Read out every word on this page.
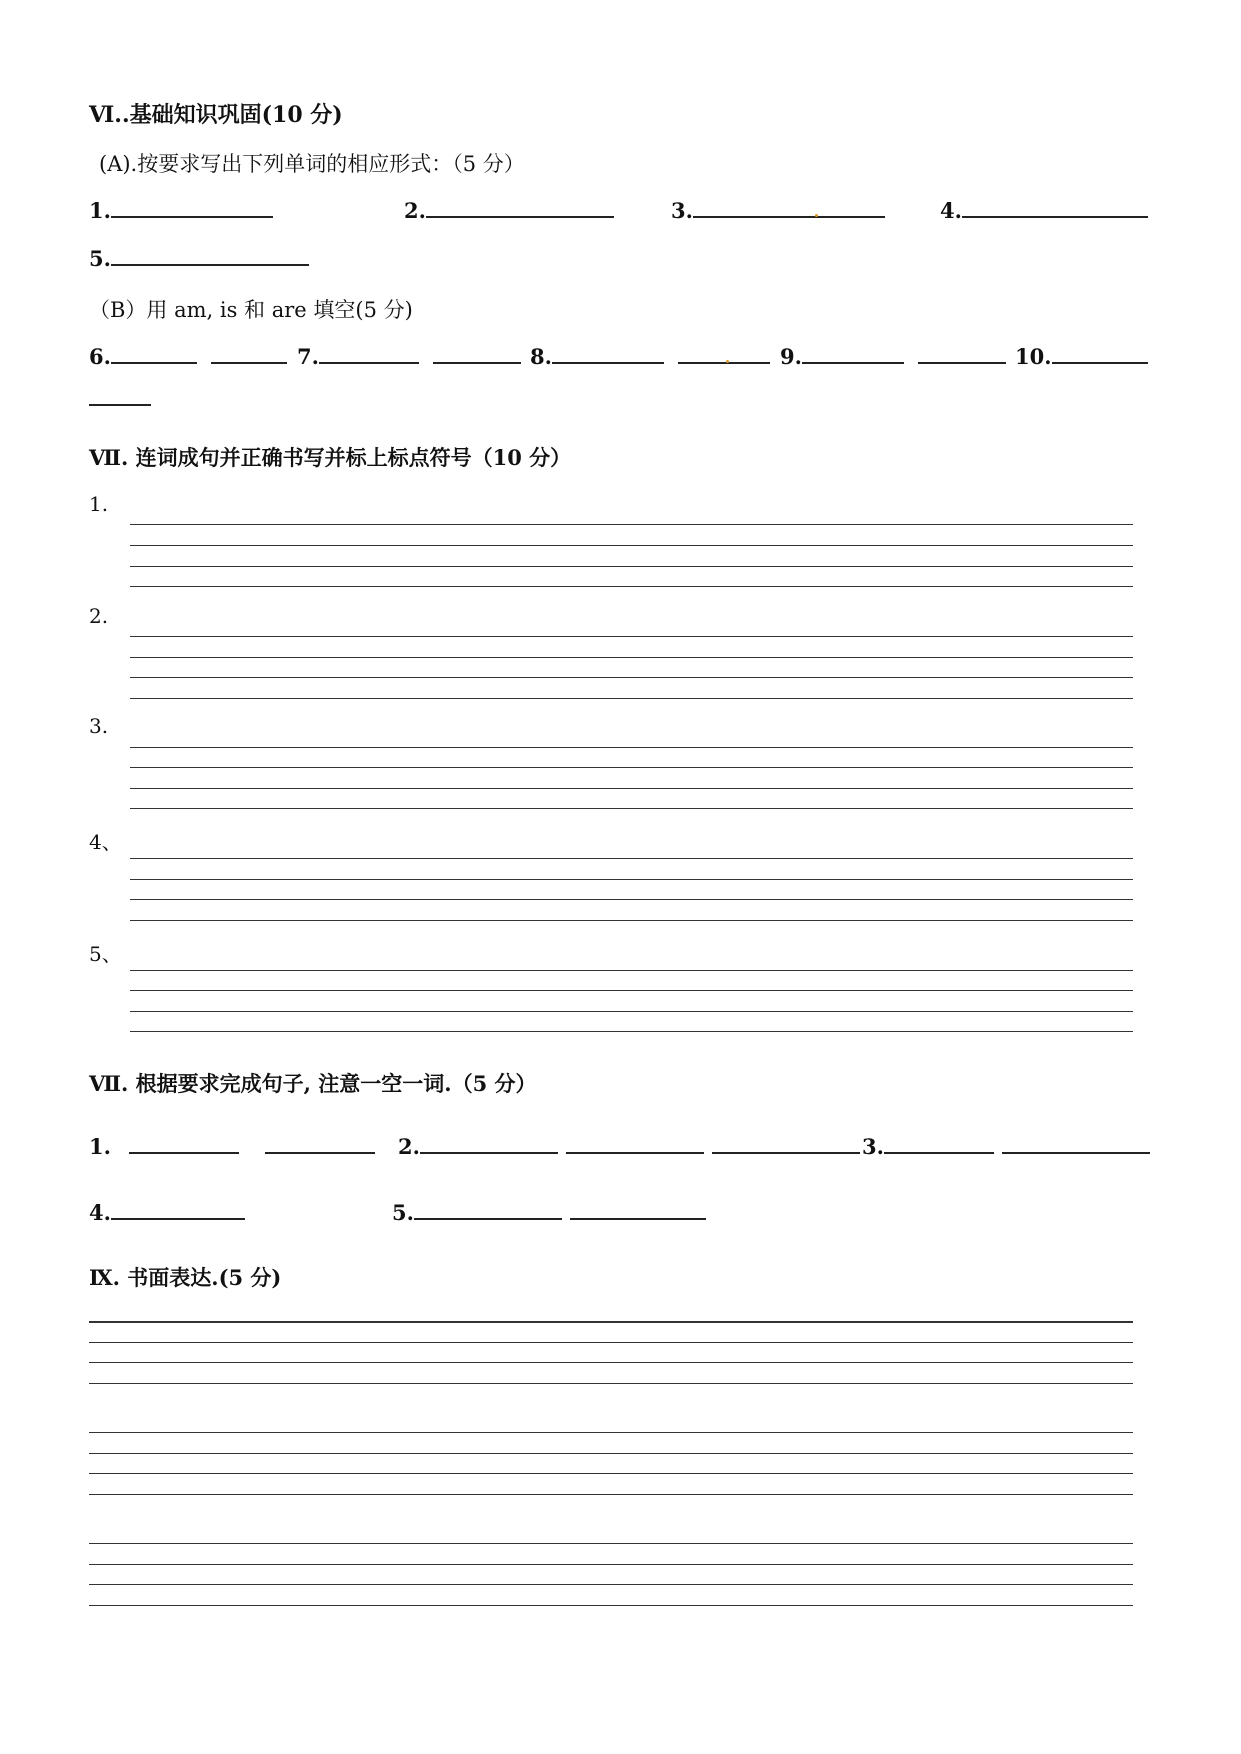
Ⅵ..基础知识巩固(10 分)
(A).按要求写出下列单词的相应形式：（5 分）
1.	2.	3.	4.
5.
（B）用 am, is 和 are 填空(5 分)
6.	7.	8.	9.	10.
Ⅶ. 连词成句并正确书写并标上标点符号（10 分）
1.
2.
3.
4、
5、
Ⅶ. 根据要求完成句子, 注意一空一词.（5 分）
1.	2.	3.
4.	5.
Ⅸ. 书面表达.(5 分)
